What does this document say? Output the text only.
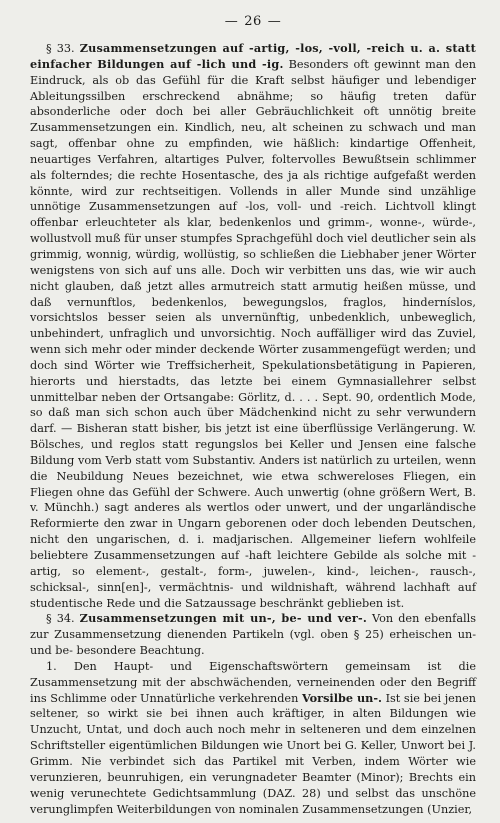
— 26 —

§ 33. Zusammensetzungen auf -artig, -los, -voll, -reich u. a. statt einfacher Bildungen auf -lich und -ig. Besonders oft gewinnt man den Eindruck, als ob das Gefühl für die Kraft selbst häufiger und lebendiger Ableitungssilben erschreckend abnähme; so häufig treten dafür absonderliche oder doch bei aller Gebräuchlichkeit oft unnötig breite Zusammensetzungen ein. Kindlich, neu, alt scheinen zu schwach und man sagt, offenbar ohne zu empfinden, wie häßlich: kindartige Offenheit, neuartiges Verfahren, altartiges Pulver, foltervolles Bewußtsein schlimmer als folterndes; die rechte Hosentasche, des ja als richtige aufgefaßt werden könnte, wird zur rechtseitigen. Vollends in aller Munde sind unzählige unnötige Zusammensetzungen auf -los, voll- und -reich. Lichtvoll klingt offenbar erleuchteter als klar, bedenkenlos und grimm-, wonne-, würde-, wollustvoll muß für unser stumpfes Sprachgefühl doch viel deutlicher sein als grimmig, wonnig, würdig, wollüstig, so schließen die Liebhaber jener Wörter wenigstens von sich auf uns alle. Doch wir verbitten uns das, wie wir auch nicht glauben, daß jetzt alles armutreich statt armutig heißen müsse, und daß vernunftlos, bedenkenlos, bewegungslos, fraglos, hinderníslos, vorsichtslos besser seien als unvernünftig, unbedenklich, unbeweglich, unbehindert, unfraglich und unvorsichtig. Noch auffälliger wird das Zuviel, wenn sich mehr oder minder deckende Wörter zusammengefügt werden; und doch sind Wörter wie Treffsicherheit, Spekulationsbetätigung in Papieren, hierorts und hierstadts, das letzte bei einem Gymnasiallehrer selbst unmittelbar neben der Ortsangabe: Görlitz, d. . . . Sept. 90, ordentlich Mode, so daß man sich schon auch über Mädchenkind nicht zu sehr verwundern darf. — Bisheran statt bisher, bis jetzt ist eine überflüssige Verlängerung. W. Bölsches, und reglos statt regungslos bei Keller und Jensen eine falsche Bildung vom Verb statt vom Substantiv. Anders ist natürlich zu urteilen, wenn die Neubildung Neues bezeichnet, wie etwa schwereloses Fliegen, ein Fliegen ohne das Gefühl der Schwere. Auch unwertig (ohne größern Wert, B. v. Münchh.) sagt anderes als wertlos oder unwert, und der ungarländische Reformierte den zwar in Ungarn geborenen oder doch lebenden Deutschen, nicht den ungarischen, d. i. madjarischen. Allgemeiner liefern wohlfeile beliebtere Zusammensetzungen auf -haft leichtere Gebilde als solche mit -artig, so element-, gestalt-, form-, juwelen-, kind-, leichen-, rausch-, schicksal-, sinn[en]-, vermächtnis- und wildnishaft, während lachhaft auf studentische Rede und die Satzaussage beschränkt geblieben ist.

§ 34. Zusammensetzungen mit un-, be- und ver-. Von den ebenfalls zur Zusammensetzung dienenden Partikeln (vgl. oben § 25) erheischen un- und be- besondere Beachtung.

1. Den Haupt- und Eigenschaftswörtern gemeinsam ist die Zusammensetzung mit der abschwächenden, verneinenden oder den Begriff ins Schlimme oder Unnatürliche verkehrenden Vorsilbe un-. Ist sie bei jenen seltener, so wirkt sie bei ihnen auch kräftiger, in alten Bildungen wie Unzucht, Untat, und doch auch noch mehr in selteneren und dem einzelnen Schriftsteller eigentümlichen Bildungen wie Unort bei G. Keller, Unwort bei J. Grimm. Nie verbindet sich das Partikel mit Verben, indem Wörter wie verunzieren, beunruhigen, ein verungnadeter Beamter (Minor); Brechts ein wenig verunechtete Gedichtsammlung (DAZ. 28) und selbst das unschöne verunglimpfen Weiterbildungen von nominalen Zusammensetzungen (Unzier,
